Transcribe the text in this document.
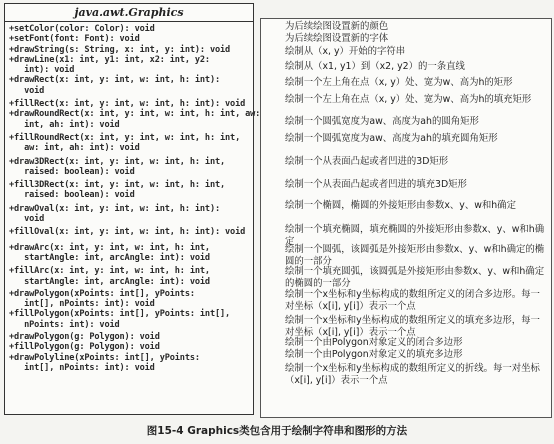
java.awt.Graphics
+setColor(color: Color): void
+setFont(font: Font): void
+drawString(s: String, x: int, y: int): void
+drawLine(x1: int, y1: int, x2: int, y2:
int): void
+drawRect(x: int, y: int, w: int, h: int):
void
+fillRect(x: int, y: int, w: int, h: int): void
+drawRoundRect(x: int, y: int, w: int, h: int, aw:
int, ah: int): void
+fillRoundRect(x: int, y: int, w: int, h: int,
aw: int, ah: int): void
+draw3DRect(x: int, y: int, w: int, h: int,
raised: boolean): void
+fill3DRect(x: int, y: int, w: int, h: int,
raised: boolean): void
+drawOval(x: int, y: int, w: int, h: int):
void
+fillOval(x: int, y: int, w: int, h: int): void
+drawArc(x: int, y: int, w: int, h: int,
startAngle: int, arcAngle: int): void
+fillArc(x: int, y: int, w: int, h: int,
startAngle: int, arcAngle: int): void
+drawPolygon(xPoints: int[], yPoints:
int[], nPoints: int): void
+fillPolygon(xPoints: int[], yPoints: int[],
nPoints: int): void
+drawPolygon(g: Polygon): void
+fillPolygon(g: Polygon): void
+drawPolyline(xPoints: int[], yPoints:
int[], nPoints: int): void
为后续绘图设置新的颜色
为后续绘图设置新的字体
绘制从（x, y）开始的字符串
绘制从（x1, y1）到（x2, y2）的一条直线
绘制一个左上角在点（x, y）处、宽为w、高为h的矩形
绘制一个左上角在点（x, y）处、宽为w、高为h的填充矩形
绘制一个圆弧宽度为aw、高度为ah的圆角矩形
绘制一个圆弧宽度为aw、高度为ah的填充圆角矩形
绘制一个从表面凸起或者凹进的3D矩形
绘制一个从表面凸起或者凹进的填充3D矩形
绘制一个椭圆，椭圆的外接矩形由参数x、y、w和h确定
绘制一个填充椭圆，填充椭圆的外接矩形由参数x、y、w和h确定
绘制一个圆弧，该圆弧是外接矩形由参数x、y、w和h确定的椭圆的一部分
绘制一个填充圆弧，该圆弧是外接矩形由参数x、y、w和h确定的椭圆的一部分
绘制一个x坐标和y坐标构成的数组所定义的闭合多边形。每一对坐标（x[i], y[i]）表示一个点
绘制一个x坐标和y坐标构成的数组所定义的填充多边形，每一对坐标（x[i], y[i]）表示一个点
绘制一个由Polygon对象定义的闭合多边形
绘制一个由Polygon对象定义的填充多边形
绘制一个x坐标和y坐标构成的数组所定义的折线。每一对坐标（x[i], y[i]）表示一个点
图15-4 Graphics类包含用于绘制字符串和图形的方法
